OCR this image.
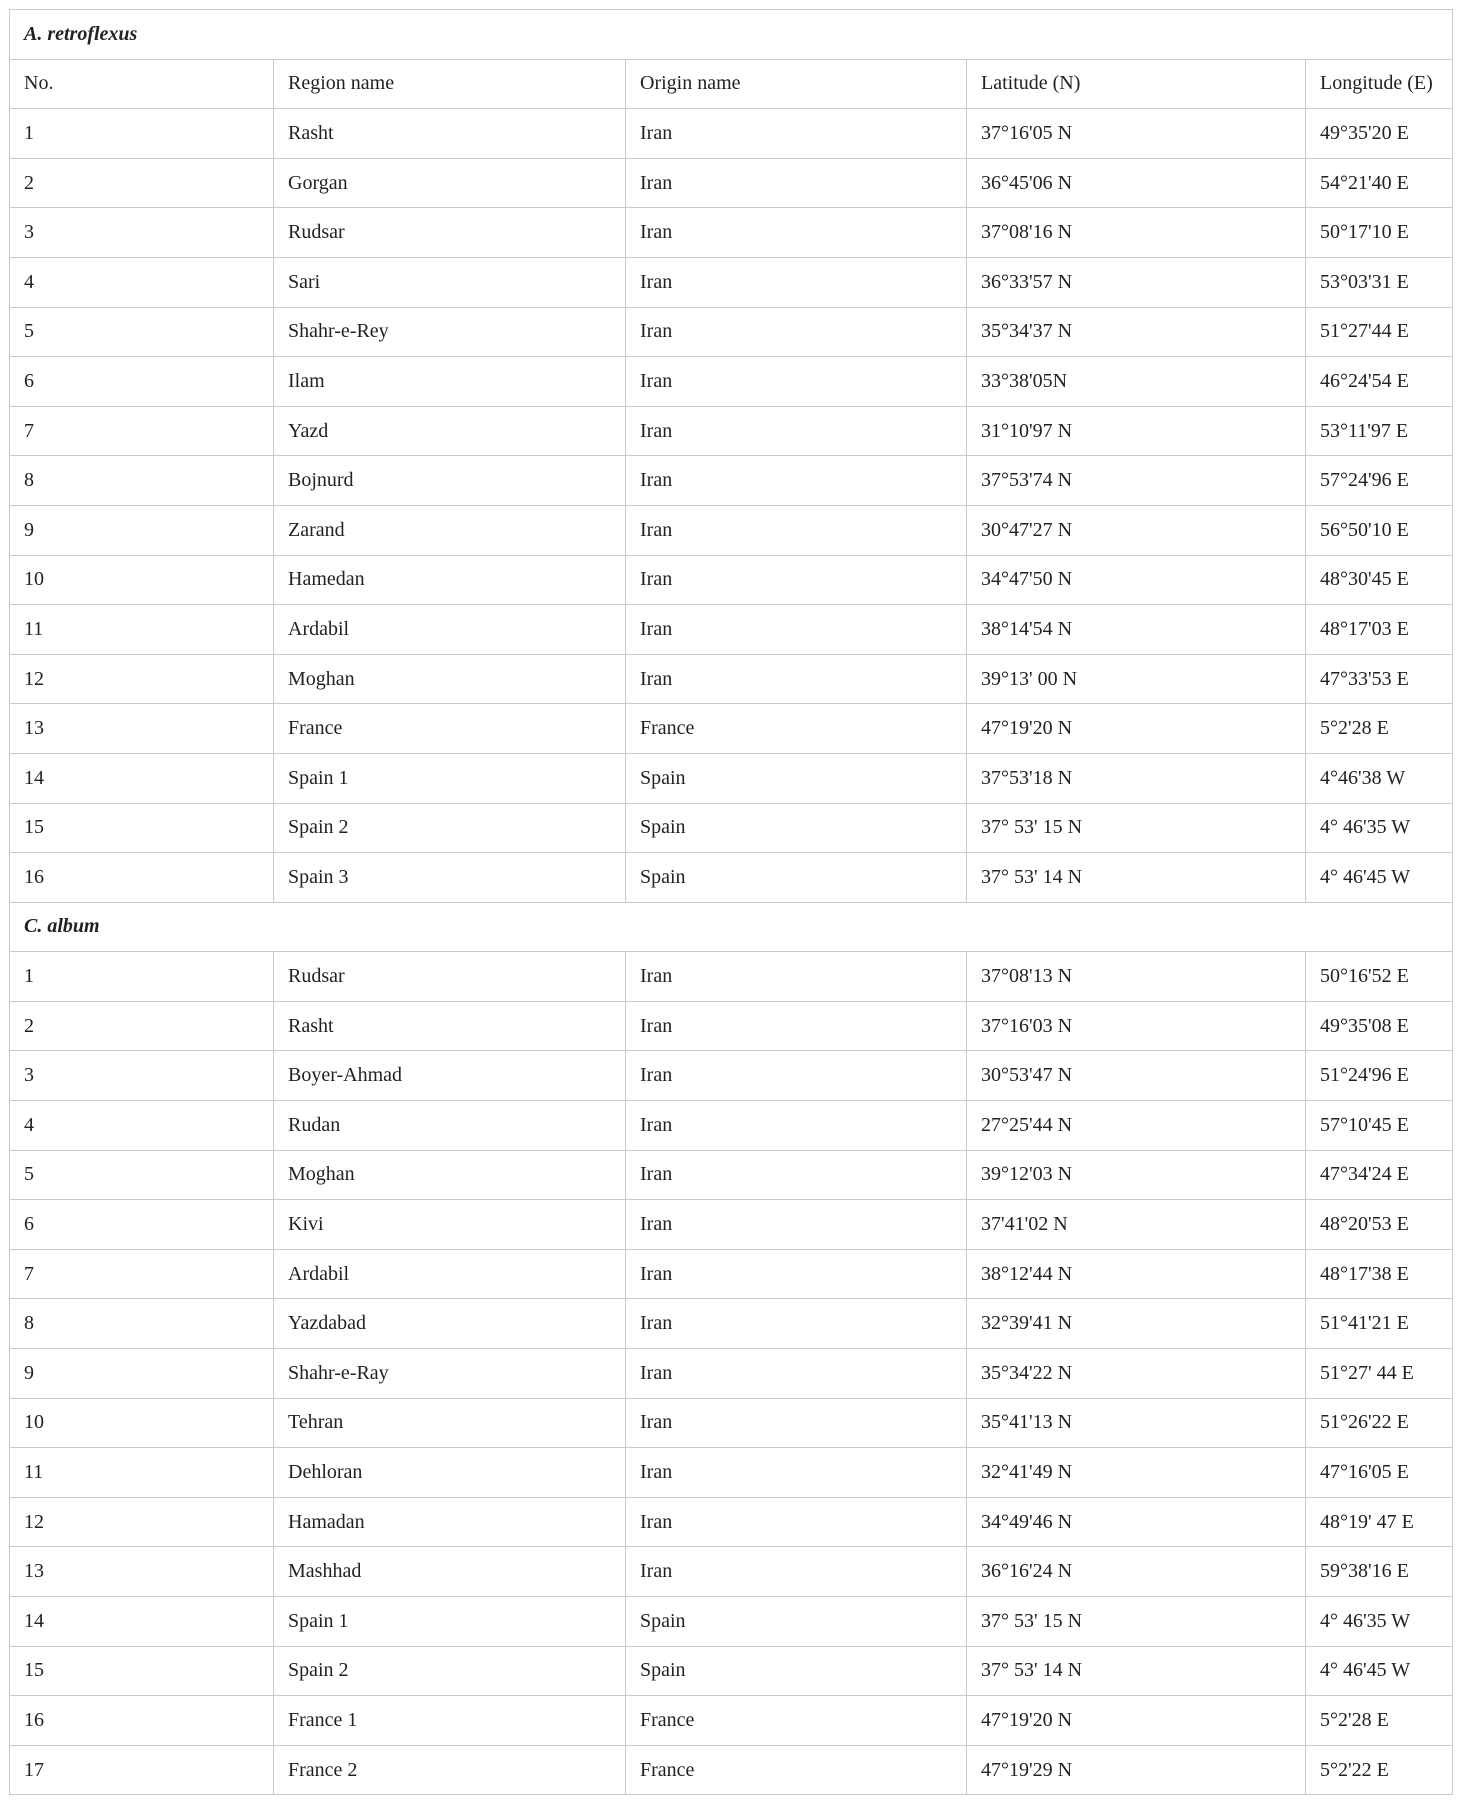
A. retroflexus				
No.	Region name	Origin name	Latitude (N)	Longitude (E)
1	Rasht	Iran	37°16'05 N	49°35'20 E
2	Gorgan	Iran	36°45'06 N	54°21'40 E
3	Rudsar	Iran	37°08'16 N	50°17'10 E
4	Sari	Iran	36°33'57 N	53°03'31 E
5	Shahr-e-Rey	Iran	35°34'37 N	51°27'44 E
6	Ilam	Iran	33°38'05N	46°24'54 E
7	Yazd	Iran	31°10'97 N	53°11'97 E
8	Bojnurd	Iran	37°53'74 N	57°24'96 E
9	Zarand	Iran	30°47'27 N	56°50'10 E
10	Hamedan	Iran	34°47'50 N	48°30'45 E
11	Ardabil	Iran	38°14'54 N	48°17'03 E
12	Moghan	Iran	39°13' 00 N	47°33'53 E
13	France	France	47°19'20 N	5°2'28 E
14	Spain 1	Spain	37°53'18 N	4°46'38 W
15	Spain 2	Spain	37° 53' 15 N	4° 46'35 W
16	Spain 3	Spain	37° 53' 14 N	4° 46'45 W
C. album				
1	Rudsar	Iran	37°08'13 N	50°16'52 E
2	Rasht	Iran	37°16'03 N	49°35'08 E
3	Boyer-Ahmad	Iran	30°53'47 N	51°24'96 E
4	Rudan	Iran	27°25'44 N	57°10'45 E
5	Moghan	Iran	39°12'03 N	47°34'24 E
6	Kivi	Iran	37'41'02 N	48°20'53 E
7	Ardabil	Iran	38°12'44 N	48°17'38 E
8	Yazdabad	Iran	32°39'41 N	51°41'21 E
9	Shahr-e-Ray	Iran	35°34'22 N	51°27' 44 E
10	Tehran	Iran	35°41'13 N	51°26'22 E
11	Dehloran	Iran	32°41'49 N	47°16'05 E
12	Hamadan	Iran	34°49'46 N	48°19' 47 E
13	Mashhad	Iran	36°16'24 N	59°38'16 E
14	Spain 1	Spain	37° 53' 15 N	4° 46'35 W
15	Spain 2	Spain	37° 53' 14 N	4° 46'45 W
16	France 1	France	47°19'20 N	5°2'28 E
17	France 2	France	47°19'29 N	5°2'22 E
